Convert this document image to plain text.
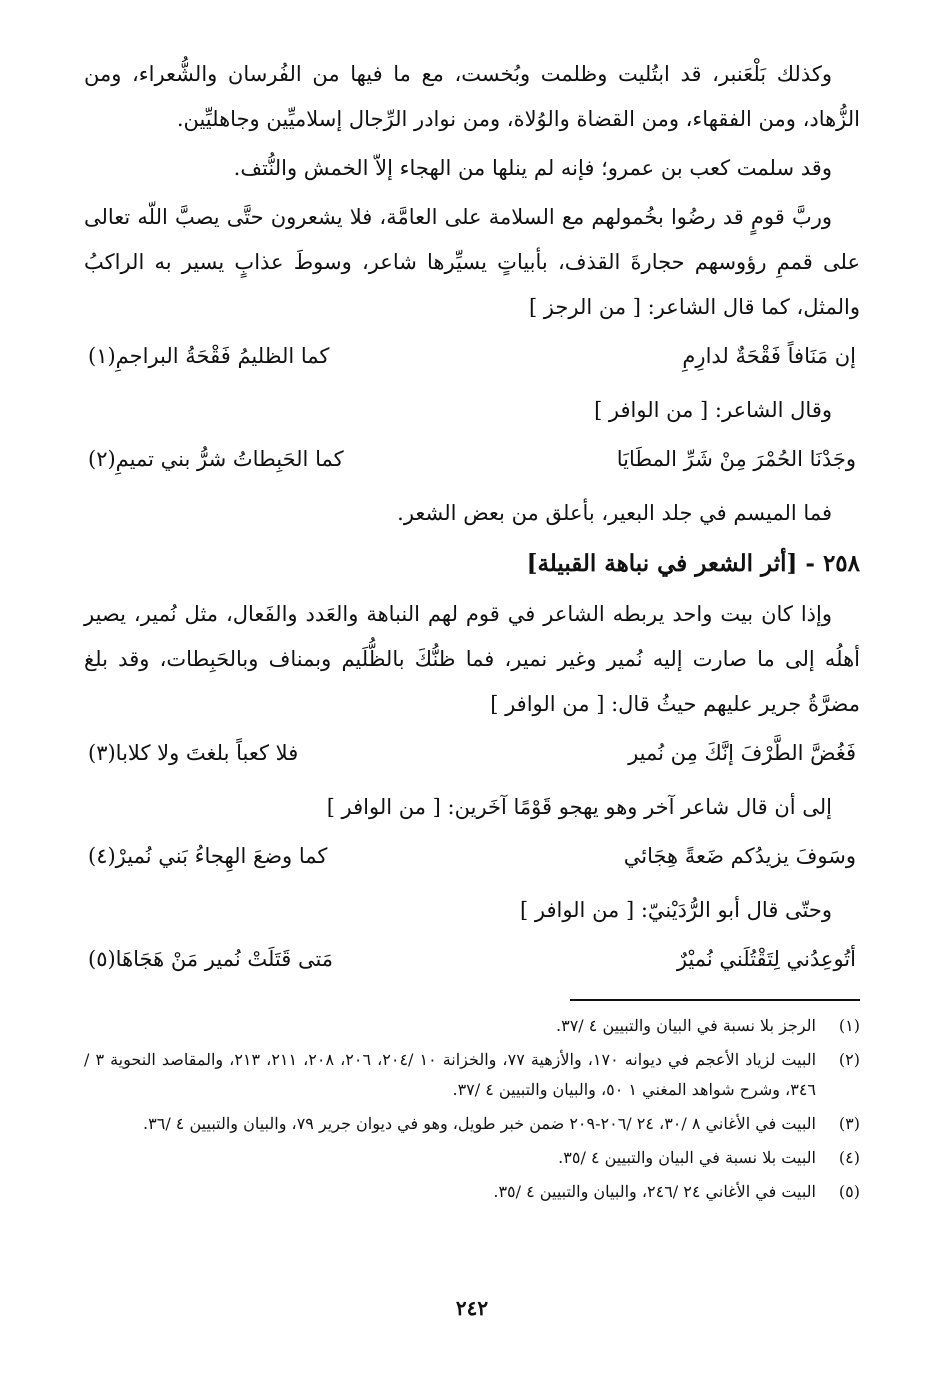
وكذلك بَلْعَنبر، قد ابتُليت وظلمت وبُخست، مع ما فيها من الفُرسان والشُّعراء، ومن الزُّهاد، ومن الفقهاء، ومن القضاة والوُلاة، ومن نوادر الرِّجال إسلاميِّين وجاهليِّين.

وقد سلمت كعب بن عمرو؛ فإنه لم ينلها من الهجاء إلاّ الخمش والنُّتف.

وربَّ قومٍ قد رضُوا بخُمولهم مع السلامة على العامَّة، فلا يشعرون حتَّى يصبَّ اللّه تعالى على قممِ رؤوسهم حجارةَ القذف، بأبياتٍ يسيِّرها شاعر، وسوطَ عذابٍ يسير به الراكبُ والمثل، كما قال الشاعر: [ من الرجز ]

إن مَنَافاً فَقْحَةٌ لدارِمِ
كما الظليمُ فَقْحَةُ البراجمِ(١)

وقال الشاعر: [ من الوافر ]

وجَدْنَا الحُمْرَ مِنْ شَرِّ المطَايَا
كما الحَبِطاتُ شرُّ بني تميمِ(٢)

فما الميسم في جلد البعير، بأعلق من بعض الشعر.

٢٥٨ - [أثر الشعر في نباهة القبيلة]

وإذا كان بيت واحد يربطه الشاعر في قوم لهم النباهة والعَدد والفَعال، مثل نُمير، يصير أهلُه إلى ما صارت إليه نُمير وغير نمير، فما ظنُّكَ بالظُّلَيم وبمناف وبالحَبِطات، وقد بلغ مضرَّةُ جرير عليهم حيثُ قال: [ من الوافر ]

فَغُضَّ الطَّرْفَ إنَّكَ مِن نُمير
فلا كعباً بلغتَ ولا كلابا(٣)

إلى أن قال شاعر آخر وهو يهجو قَوْمًا آخَرين: [ من الوافر ]

وسَوفَ يزيدُكم ضَعةً هِجَائي
كما وضعَ الهِجاءُ بَني نُميرْ(٤)

وحتّى قال أبو الرُّدَيْنيّ: [ من الوافر ]

أتُوعِدُني لِتَقْتُلَني نُميْرٌ
مَتى قَتَلَتْ نُمير مَنْ هَجَاهَا(٥)
(١)
الرجز بلا نسبة في البيان والتبيين ٤ /٣٧.
(٢)
البيت لزياد الأعجم في ديوانه ١٧٠، والأزهية ٧٧، والخزانة ١٠ /٢٠٤، ٢٠٦، ٢٠٨، ٢١١، ٢١٣، والمقاصد النحوية ٣ /٣٤٦، وشرح شواهد المغني ١ ٥٠، والبيان والتبيين ٤ /٣٧.
(٣)
البيت في الأغاني ٨ /٣٠، ٢٤ /٢٠٦-٢٠٩ ضمن خبر طويل، وهو في ديوان جرير ٧٩، والبيان والتبيين ٤ /٣٦.
(٤)
البيت بلا نسبة في البيان والتبيين ٤ /٣٥.
(٥)
البيت في الأغاني ٢٤ /٢٤٦، والبيان والتبيين ٤ /٣٥.
٢٤٢
